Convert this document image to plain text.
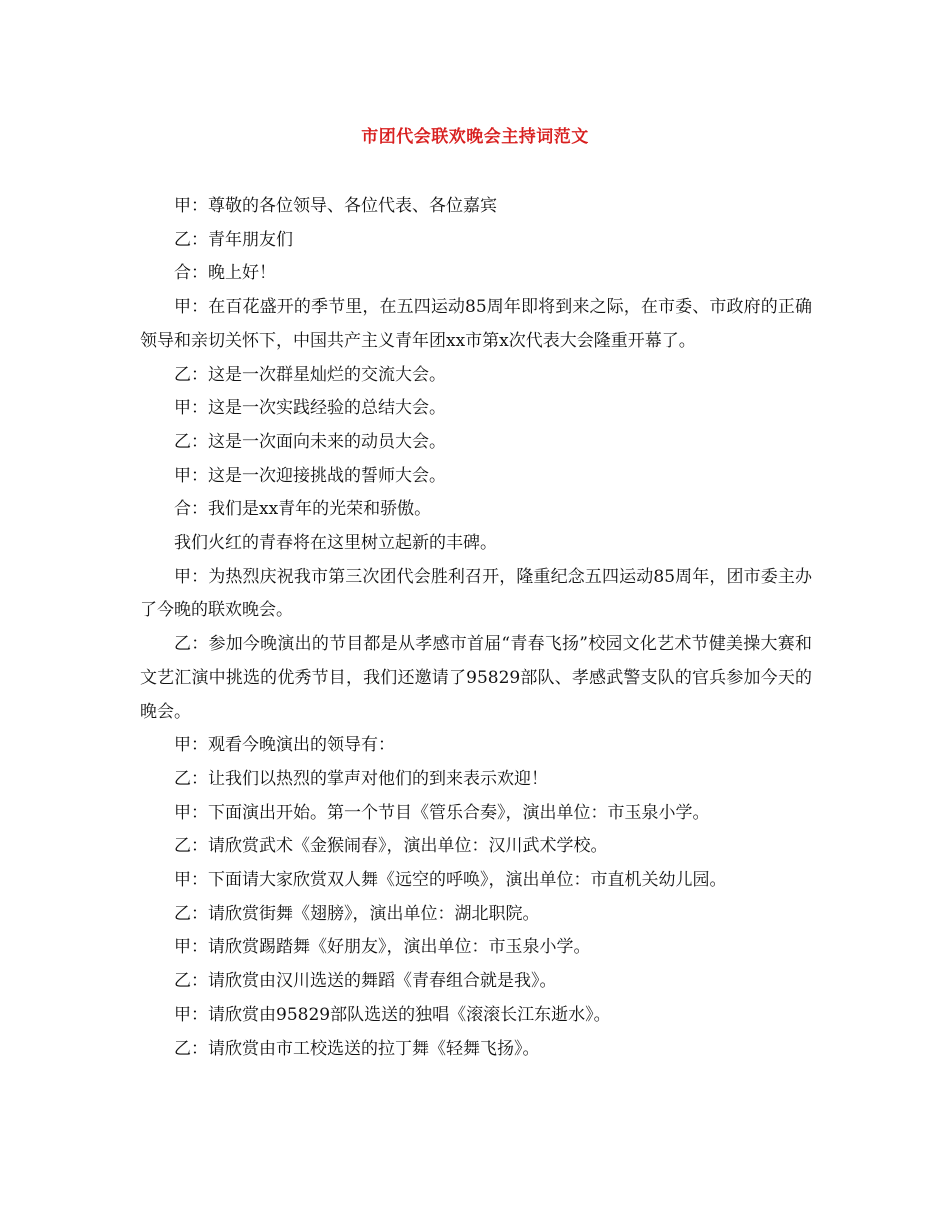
市团代会联欢晚会主持词范文

甲：尊敬的各位领导、各位代表、各位嘉宾

乙：青年朋友们

合：晚上好！

甲：在百花盛开的季节里，在五四运动85周年即将到来之际，在市委、市政府的正确领导和亲切关怀下，中国共产主义青年团xx市第x次代表大会隆重开幕了。

乙：这是一次群星灿烂的交流大会。

甲：这是一次实践经验的总结大会。

乙：这是一次面向未来的动员大会。

甲：这是一次迎接挑战的誓师大会。

合：我们是xx青年的光荣和骄傲。

我们火红的青春将在这里树立起新的丰碑。

甲：为热烈庆祝我市第三次团代会胜利召开，隆重纪念五四运动85周年，团市委主办了今晚的联欢晚会。

乙：参加今晚演出的节目都是从孝感市首届“青春飞扬”校园文化艺术节健美操大赛和文艺汇演中挑选的优秀节目，我们还邀请了95829部队、孝感武警支队的官兵参加今天的晚会。

甲：观看今晚演出的领导有：

乙：让我们以热烈的掌声对他们的到来表示欢迎！

甲：下面演出开始。第一个节目《管乐合奏》，演出单位：市玉泉小学。

乙：请欣赏武术《金猴闹春》，演出单位：汉川武术学校。

甲：下面请大家欣赏双人舞《远空的呼唤》，演出单位：市直机关幼儿园。

乙：请欣赏街舞《翅膀》，演出单位：湖北职院。

甲：请欣赏踢踏舞《好朋友》，演出单位：市玉泉小学。

乙：请欣赏由汉川选送的舞蹈《青春组合就是我》。

甲：请欣赏由95829部队选送的独唱《滚滚长江东逝水》。

乙：请欣赏由市工校选送的拉丁舞《轻舞飞扬》。
